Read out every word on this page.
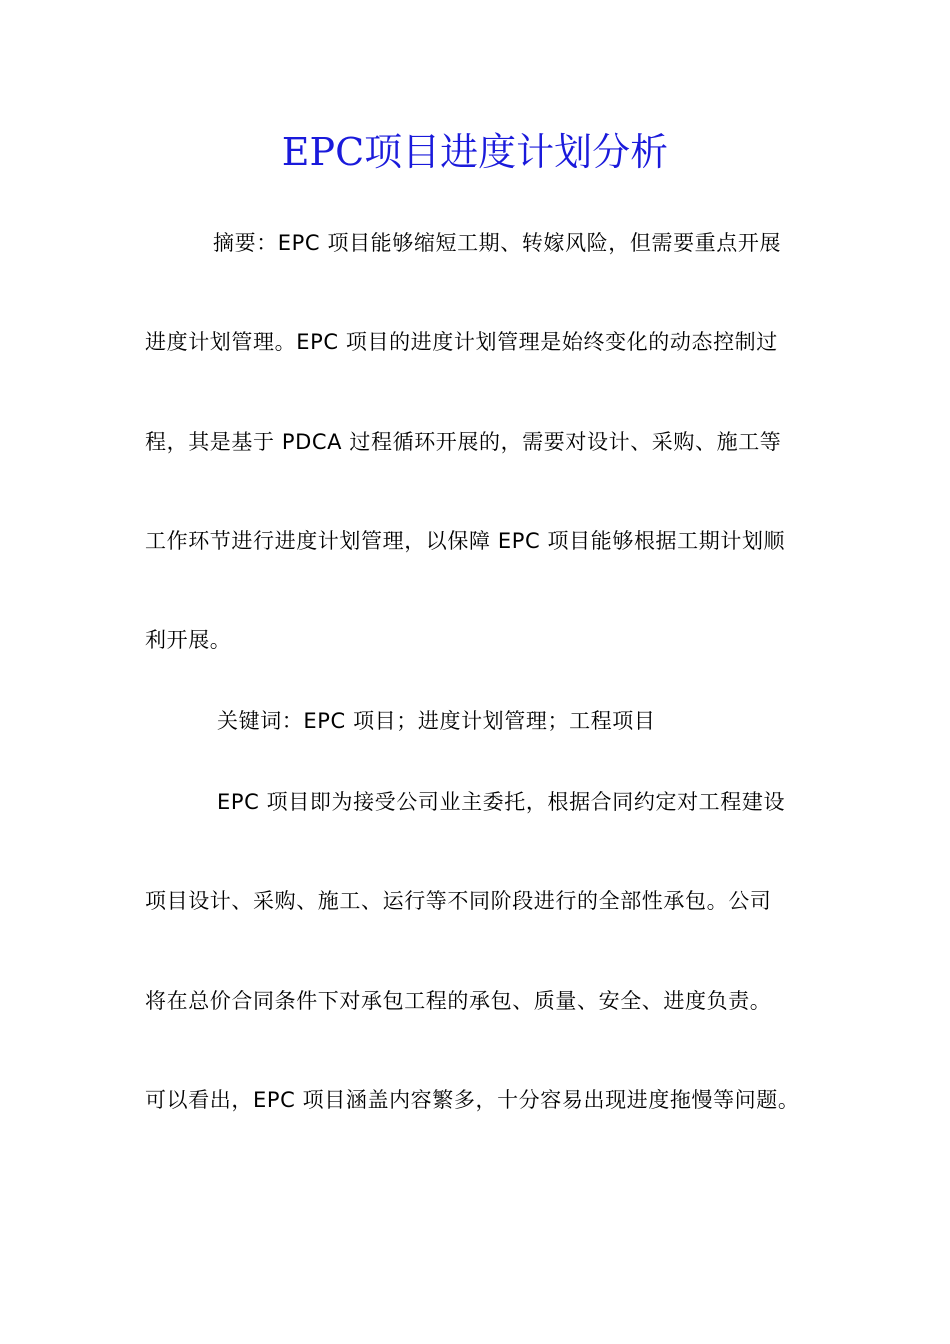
EPC项目进度计划分析
摘要：EPC 项目能够缩短工期、转嫁风险，但需要重点开展
进度计划管理。EPC 项目的进度计划管理是始终变化的动态控制过
程，其是基于 PDCA 过程循环开展的，需要对设计、采购、施工等
工作环节进行进度计划管理，以保障 EPC 项目能够根据工期计划顺
利开展。
关键词：EPC 项目；进度计划管理；工程项目
EPC 项目即为接受公司业主委托，根据合同约定对工程建设
项目设计、采购、施工、运行等不同阶段进行的全部性承包。公司
将在总价合同条件下对承包工程的承包、质量、安全、进度负责。
可以看出，EPC 项目涵盖内容繁多，十分容易出现进度拖慢等问题。
